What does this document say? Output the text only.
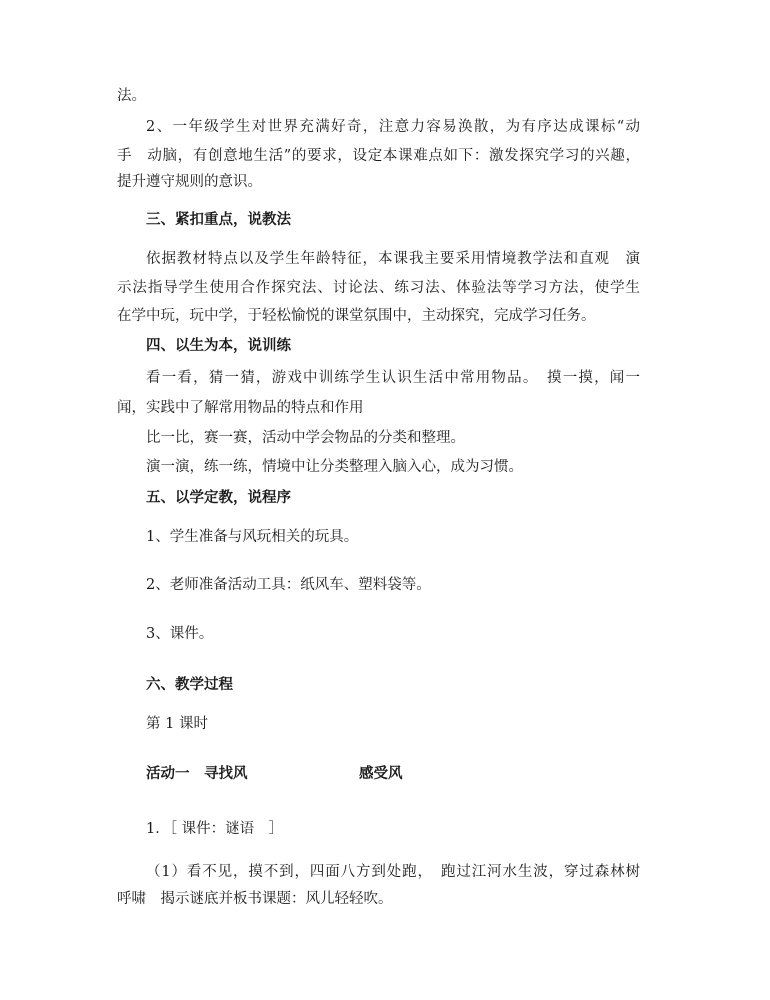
法。
2、一年级学生对世界充满好奇，注意力容易涣散，为有序达成课标“动
手　动脑，有创意地生活”的要求，设定本课难点如下：激发探究学习的兴趣，
提升遵守规则的意识。
三、紧扣重点，说教法
依据教材特点以及学生年龄特征，本课我主要采用情境教学法和直观　演
示法指导学生使用合作探究法、讨论法、练习法、体验法等学习方法，使学生
在学中玩，玩中学，于轻松愉悦的课堂氛围中，主动探究，完成学习任务。
四、以生为本，说训练
看一看，猜一猜，游戏中训练学生认识生活中常用物品。　摸一摸，闻一
闻，实践中了解常用物品的特点和作用
比一比，赛一赛，活动中学会物品的分类和整理。
演一演，练一练，情境中让分类整理入脑入心，成为习惯。
五、以学定教，说程序
1、学生准备与风玩相关的玩具。
2、老师准备活动工具：纸风车、塑料袋等。
3、课件。
六、教学过程
第 1 课时
活动一　寻找风	感受风
1．［ 课件：谜语　］
（1）看不见，摸不到，四面八方到处跑，　跑过江河水生波，穿过森林树
呼啸　揭示谜底并板书课题：风儿轻轻吹。
